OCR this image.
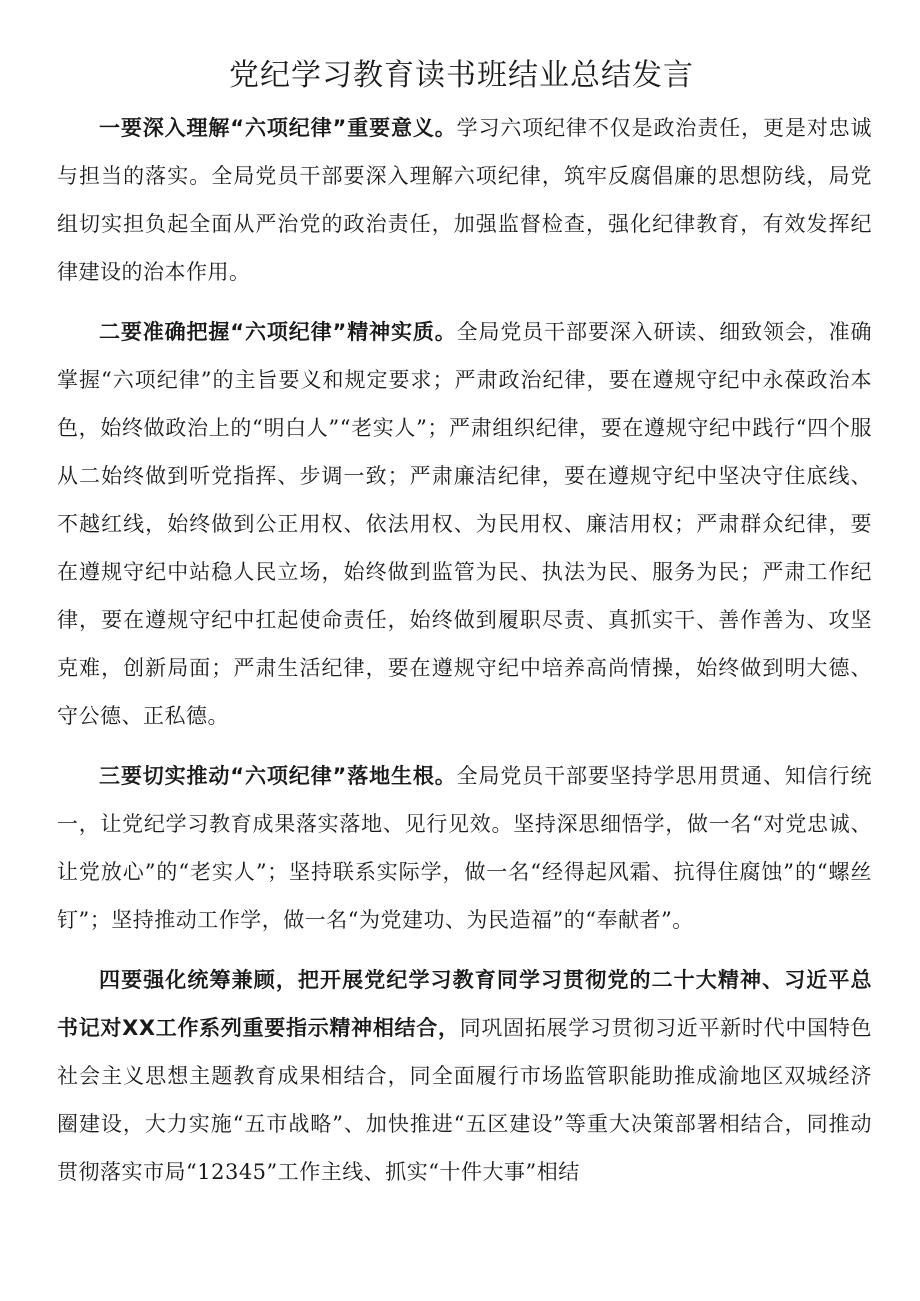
党纪学习教育读书班结业总结发言

一要深入理解“六项纪律”重要意义。学习六项纪律不仅是政治责任，更是对忠诚与担当的落实。全局党员干部要深入理解六项纪律，筑牢反腐倡廉的思想防线，局党组切实担负起全面从严治党的政治责任，加强监督检查，强化纪律教育，有效发挥纪律建设的治本作用。

二要准确把握“六项纪律”精神实质。全局党员干部要深入研读、细致领会，准确掌握“六项纪律”的主旨要义和规定要求；严肃政治纪律，要在遵规守纪中永葆政治本色，始终做政治上的“明白人”“老实人”；严肃组织纪律，要在遵规守纪中践行“四个服从二始终做到听党指挥、步调一致；严肃廉洁纪律，要在遵规守纪中坚决守住底线、不越红线，始终做到公正用权、依法用权、为民用权、廉洁用权；严肃群众纪律，要在遵规守纪中站稳人民立场，始终做到监管为民、执法为民、服务为民；严肃工作纪律，要在遵规守纪中扛起使命责任，始终做到履职尽责、真抓实干、善作善为、攻坚克难，创新局面；严肃生活纪律，要在遵规守纪中培养高尚情操，始终做到明大德、守公德、正私德。

三要切实推动“六项纪律”落地生根。全局党员干部要坚持学思用贯通、知信行统一，让党纪学习教育成果落实落地、见行见效。坚持深思细悟学，做一名“对党忠诚、让党放心”的“老实人”；坚持联系实际学，做一名“经得起风霜、抗得住腐蚀”的“螺丝钉”；坚持推动工作学，做一名“为党建功、为民造福”的“奉献者”。

四要强化统筹兼顾，把开展党纪学习教育同学习贯彻党的二十大精神、习近平总书记对XX工作系列重要指示精神相结合，同巩固拓展学习贯彻习近平新时代中国特色社会主义思想主题教育成果相结合，同全面履行市场监管职能助推成渝地区双城经济圈建设，大力实施“五市战略”、加快推进“五区建设”等重大决策部署相结合，同推动贯彻落实市局“12345”工作主线、抓实“十件大事”相结
